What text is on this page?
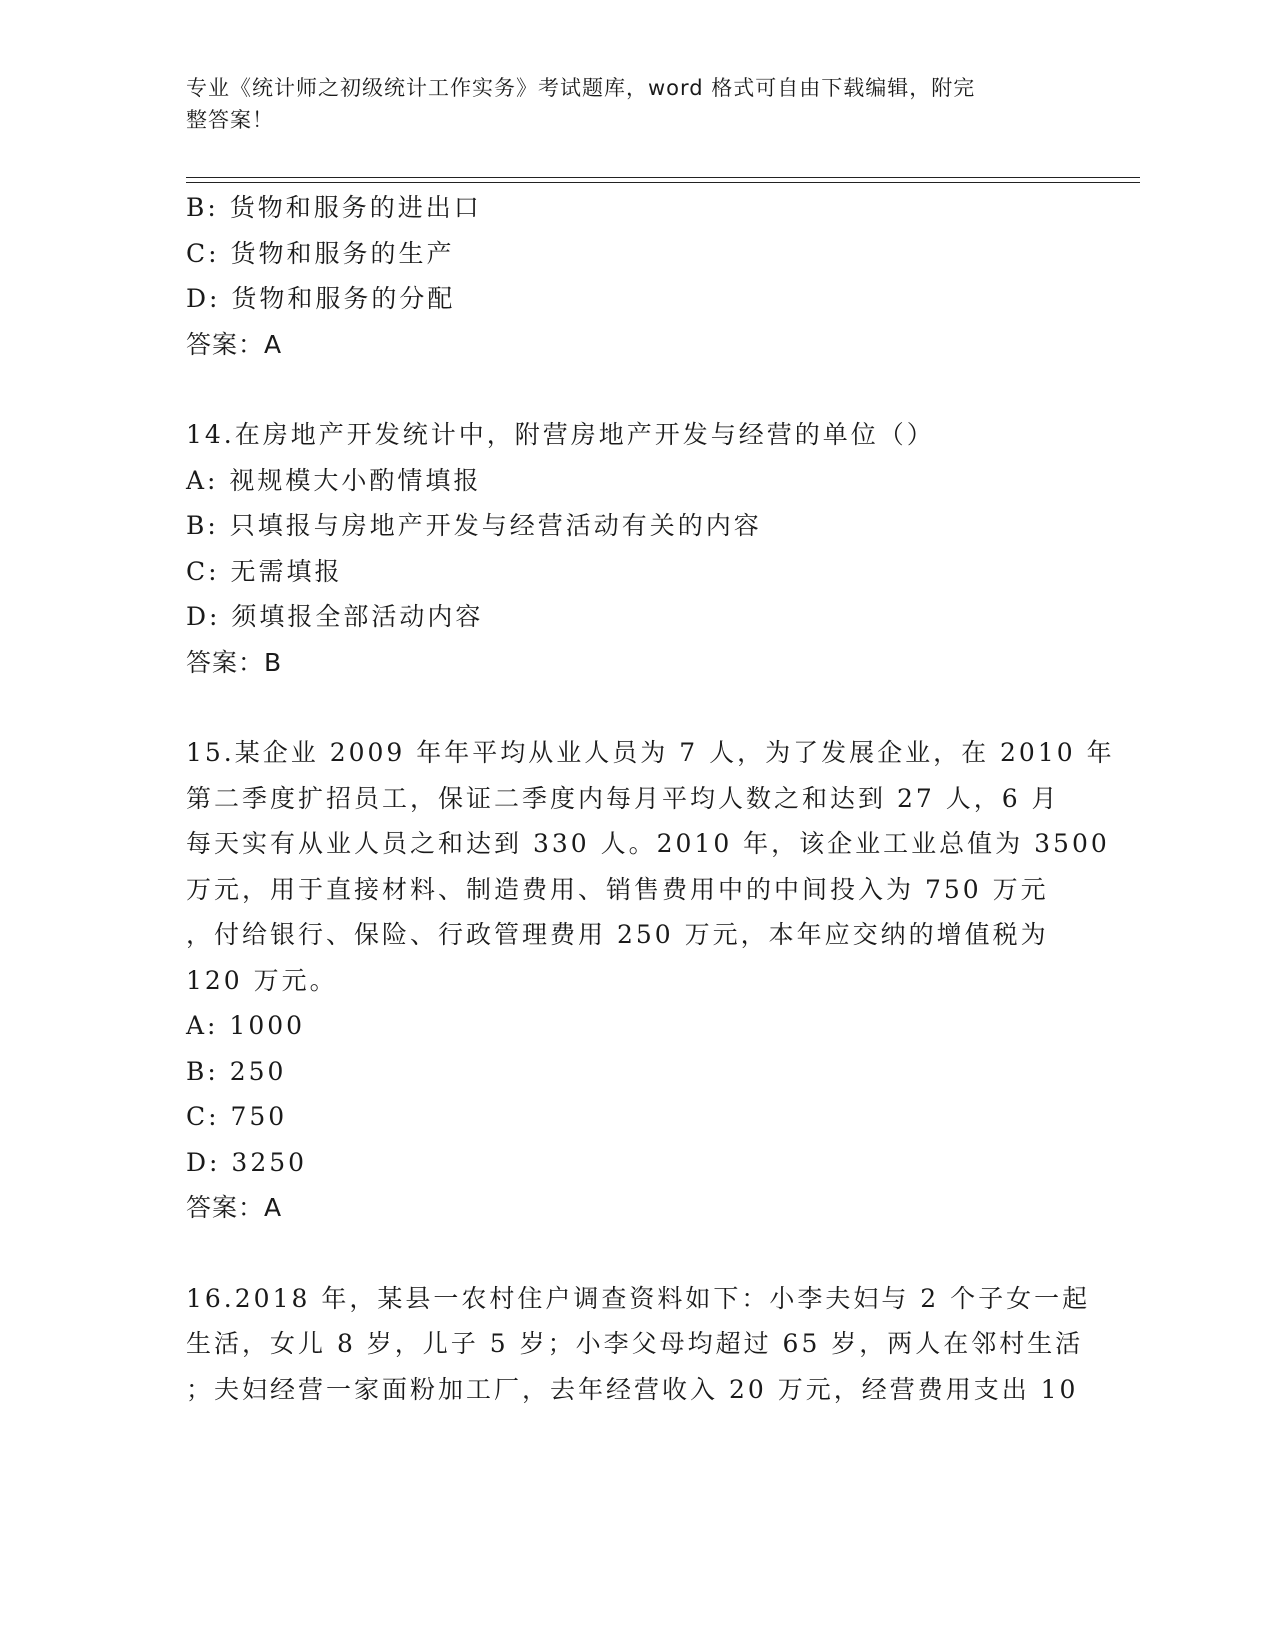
专业《统计师之初级统计工作实务》考试题库，word 格式可自由下载编辑，附完
整答案！
B: 货物和服务的进出口
C: 货物和服务的生产
D: 货物和服务的分配
答案：A
14.在房地产开发统计中，附营房地产开发与经营的单位（）
A: 视规模大小酌情填报
B: 只填报与房地产开发与经营活动有关的内容
C: 无需填报
D: 须填报全部活动内容
答案：B
15.某企业 2009 年年平均从业人员为 7 人，为了发展企业，在 2010 年
第二季度扩招员工，保证二季度内每月平均人数之和达到 27 人，6 月
每天实有从业人员之和达到 330 人。2010 年，该企业工业总值为 3500
万元，用于直接材料、制造费用、销售费用中的中间投入为 750 万元
，付给银行、保险、行政管理费用 250 万元，本年应交纳的增值税为
120 万元。
A: 1000
B: 250
C: 750
D: 3250
答案：A
16.2018 年，某县一农村住户调查资料如下：小李夫妇与 2 个子女一起
生活，女儿 8 岁，儿子 5 岁；小李父母均超过 65 岁，两人在邻村生活
；夫妇经营一家面粉加工厂，去年经营收入 20 万元，经营费用支出 10
